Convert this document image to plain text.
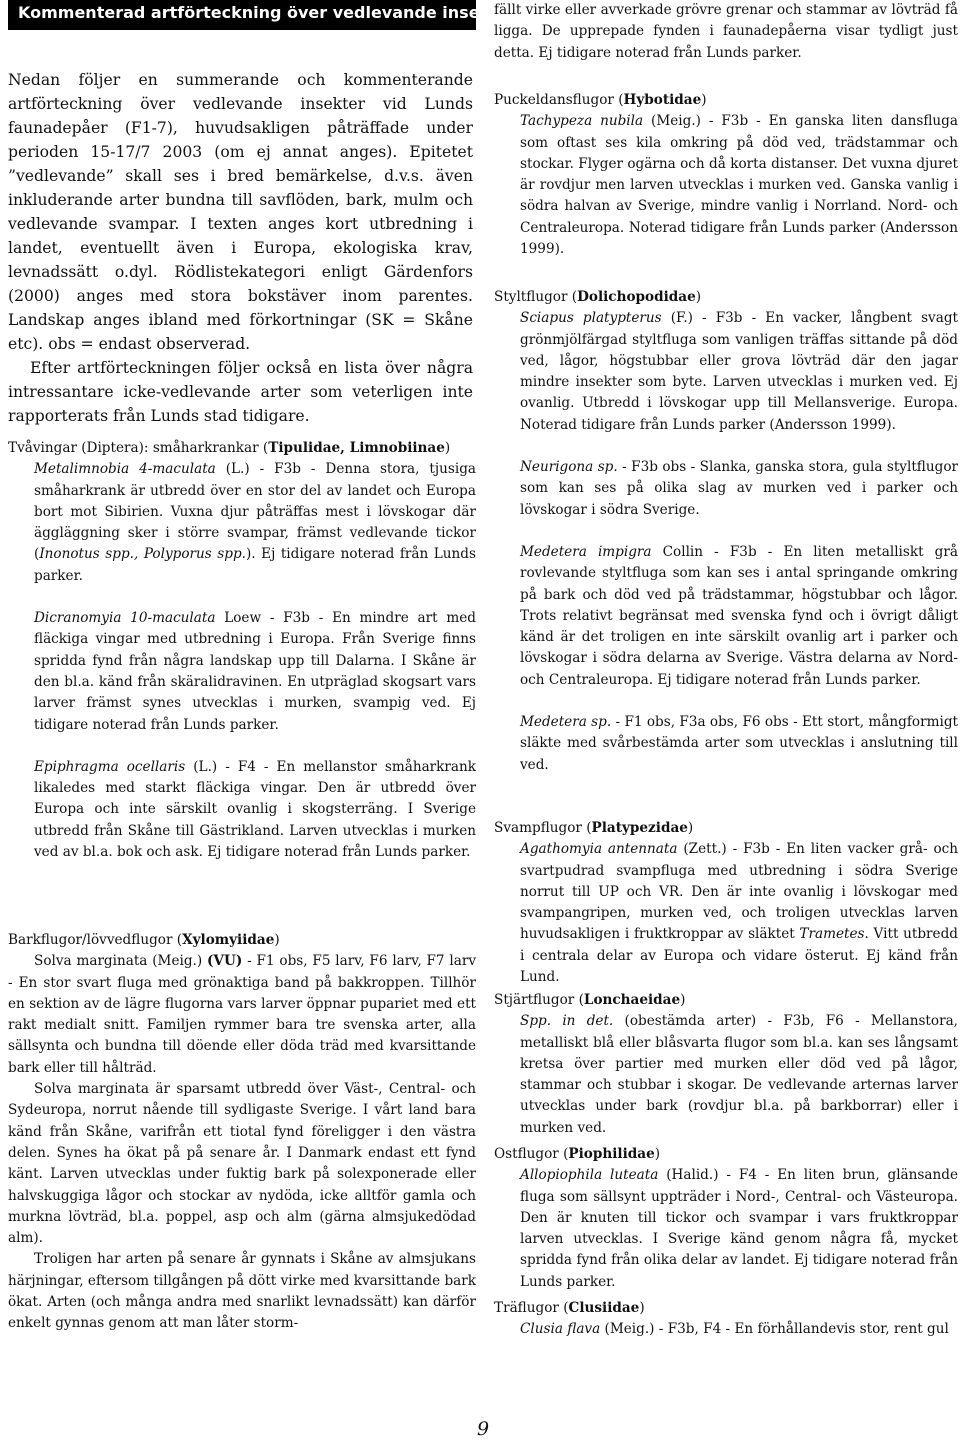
Kommenterad artförteckning över vedlevande insekter

Nedan följer en summerande och kommenterande artförteckning över vedlevande insekter vid Lunds faunadepåer (F1-7), huvudsakligen påträffade under perioden 15-17/7 2003 (om ej annat anges). Epitetet ”vedlevande” skall ses i bred bemärkelse, d.v.s. även inkluderande arter bundna till savflöden, bark, mulm och vedlevande svampar. I texten anges kort utbredning i landet, eventuellt även i Europa, ekologiska krav, levnadssätt o.dyl. Rödlistekategori enligt Gärdenfors (2000) anges med stora bokstäver inom parentes. Landskap anges ibland med förkortningar (SK = Skåne etc). obs = endast observerad.

Efter artförteckningen följer också en lista över några intressantare icke-vedlevande arter som veterligen inte rapporterats från Lunds stad tidigare.

Tvåvingar (Diptera): småharkrankar (Tipulidae, Limnobiinae)

Metalimnobia 4-maculata (L.) - F3b - Denna stora, tjusiga småharkrank är utbredd över en stor del av landet och Europa bort mot Sibirien. Vuxna djur påträffas mest i lövskogar där äggläggning sker i större svampar, främst vedlevande tickor (Inonotus spp., Polyporus spp.). Ej tidigare noterad från Lunds parker.

Dicranomyia 10-maculata Loew - F3b - En mindre art med fläckiga vingar med utbredning i Europa. Från Sverige finns spridda fynd från några landskap upp till Dalarna. I Skåne är den bl.a. känd från skäralidravinen. En utpräglad skogsart vars larver främst synes utvecklas i murken, svampig ved. Ej tidigare noterad från Lunds parker.

Epiphragma ocellaris (L.) - F4 - En mellanstor småharkrank likaledes med starkt fläckiga vingar. Den är utbredd över Europa och inte särskilt ovanlig i skogsterräng. I Sverige utbredd från Skåne till Gästrikland. Larven utvecklas i murken ved av bl.a. bok och ask. Ej tidigare noterad från Lunds parker.

Barkflugor/lövvedflugor (Xylomyiidae)

Solva marginata (Meig.) (VU) - F1 obs, F5 larv, F6 larv, F7 larv - En stor svart fluga med grönaktiga band på bakkroppen. Tillhör en sektion av de lägre flugorna vars larver öppnar pupariet med ett rakt medialt snitt. Familjen rymmer bara tre svenska arter, alla sällsynta och bundna till döende eller döda träd med kvarsittande bark eller till hålträd.

Solva marginata är sparsamt utbredd över Väst-, Central- och Sydeuropa, norrut nående till sydligaste Sverige. I vårt land bara känd från Skåne, varifrån ett tiotal fynd föreligger i den västra delen. Synes ha ökat på på senare år. I Danmark endast ett fynd känt. Larven utvecklas under fuktig bark på solexponerade eller halvskuggiga lågor och stockar av nydöda, icke alltför gamla och murkna lövträd, bl.a. poppel, asp och alm (gärna almsjukedödad alm).

Troligen har arten på senare år gynnats i Skåne av almsjukans härjningar, eftersom tillgången på dött virke med kvarsittande bark ökat. Arten (och många andra med snarlikt levnadssätt) kan därför enkelt gynnas genom att man låter storm-

fällt virke eller avverkade grövre grenar och stammar av lövträd få ligga. De upprepade fynden i faunadepåerna visar tydligt just detta. Ej tidigare noterad från Lunds parker.

Puckeldansflugor (Hybotidae)

Tachypeza nubila (Meig.) - F3b - En ganska liten dansfluga som oftast ses kila omkring på död ved, trädstammar och stockar. Flyger ogärna och då korta distanser. Det vuxna djuret är rovdjur men larven utvecklas i murken ved. Ganska vanlig i södra halvan av Sverige, mindre vanlig i Norrland. Nord- och Centraleuropa. Noterad tidigare från Lunds parker (Andersson 1999).

Styltflugor (Dolichopodidae)

Sciapus platypterus (F.) - F3b - En vacker, långbent svagt grönmjölfärgad styltfluga som vanligen träffas sittande på död ved, lågor, högstubbar eller grova lövträd där den jagar mindre insekter som byte. Larven utvecklas i murken ved. Ej ovanlig. Utbredd i lövskogar upp till Mellansverige. Europa. Noterad tidigare från Lunds parker (Andersson 1999).

Neurigona sp. - F3b obs - Slanka, ganska stora, gula styltflugor som kan ses på olika slag av murken ved i parker och lövskogar i södra Sverige.

Medetera impigra Collin - F3b - En liten metalliskt grå rovlevande styltfluga som kan ses i antal springande omkring på bark och död ved på trädstammar, högstubbar och lågor. Trots relativt begränsat med svenska fynd och i övrigt dåligt känd är det troligen en inte särskilt ovanlig art i parker och lövskogar i södra delarna av Sverige. Västra delarna av Nord- och Centraleuropa. Ej tidigare noterad från Lunds parker.

Medetera sp. - F1 obs, F3a obs, F6 obs - Ett stort, mångformigt släkte med svårbestämda arter som utvecklas i anslutning till ved.

Svampflugor (Platypezidae)

Agathomyia antennata (Zett.) - F3b - En liten vacker grå- och svartpudrad svampfluga med utbredning i södra Sverige norrut till UP och VR. Den är inte ovanlig i lövskogar med svampangripen, murken ved, och troligen utvecklas larven huvudsakligen i fruktkroppar av släktet Trametes. Vitt utbredd i centrala delar av Europa och vidare österut. Ej känd från Lund.

Stjärtflugor (Lonchaeidae)

Spp. in det. (obestämda arter) - F3b, F6 - Mellanstora, metalliskt blå eller blåsvarta flugor som bl.a. kan ses långsamt kretsa över partier med murken eller död ved på lågor, stammar och stubbar i skogar. De vedlevande arternas larver utvecklas under bark (rovdjur bl.a. på barkborrar) eller i murken ved.

Ostflugor (Piophilidae)

Allopiophila luteata (Halid.) - F4 - En liten brun, glänsande fluga som sällsynt uppträder i Nord-, Central- och Västeuropa. Den är knuten till tickor och svampar i vars fruktkroppar larven utvecklas. I Sverige känd genom några få, mycket spridda fynd från olika delar av landet. Ej tidigare noterad från Lunds parker.

Träflugor (Clusiidae)

Clusia flava (Meig.) - F3b, F4 - En förhållandevis stor, rent gul

9
